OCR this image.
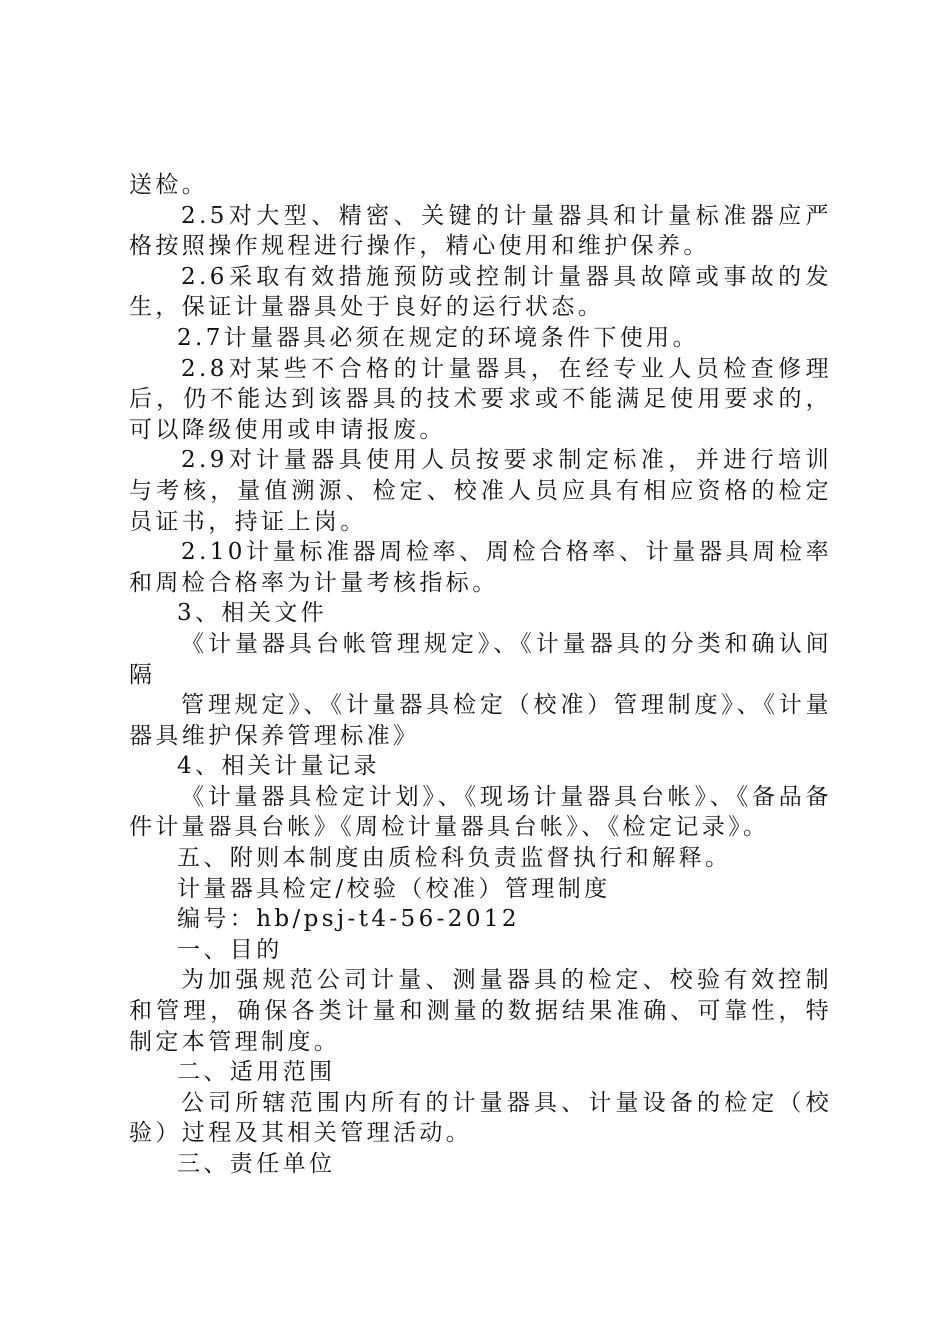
送检。

2.5对大型、精密、关键的计量器具和计量标准器应严格按照操作规程进行操作，精心使用和维护保养。

2.6采取有效措施预防或控制计量器具故障或事故的发生，保证计量器具处于良好的运行状态。

2.7计量器具必须在规定的环境条件下使用。

2.8对某些不合格的计量器具，在经专业人员检查修理后，仍不能达到该器具的技术要求或不能满足使用要求的，可以降级使用或申请报废。

2.9对计量器具使用人员按要求制定标准，并进行培训与考核，量值溯源、检定、校准人员应具有相应资格的检定员证书，持证上岗。

2.10计量标准器周检率、周检合格率、计量器具周检率和周检合格率为计量考核指标。

3、相关文件

《计量器具台帐管理规定》、《计量器具的分类和确认间隔

管理规定》、《计量器具检定（校准）管理制度》、《计量器具维护保养管理标准》

4、相关计量记录

《计量器具检定计划》、《现场计量器具台帐》、《备品备件计量器具台帐》《周检计量器具台帐》、《检定记录》。

五、附则本制度由质检科负责监督执行和解释。

计量器具检定/校验（校准）管理制度

编号：hb/psj-t4-56-2012

一、目的

为加强规范公司计量、测量器具的检定、校验有效控制和管理，确保各类计量和测量的数据结果准确、可靠性，特制定本管理制度。

二、适用范围

公司所辖范围内所有的计量器具、计量设备的检定（校验）过程及其相关管理活动。

三、责任单位
